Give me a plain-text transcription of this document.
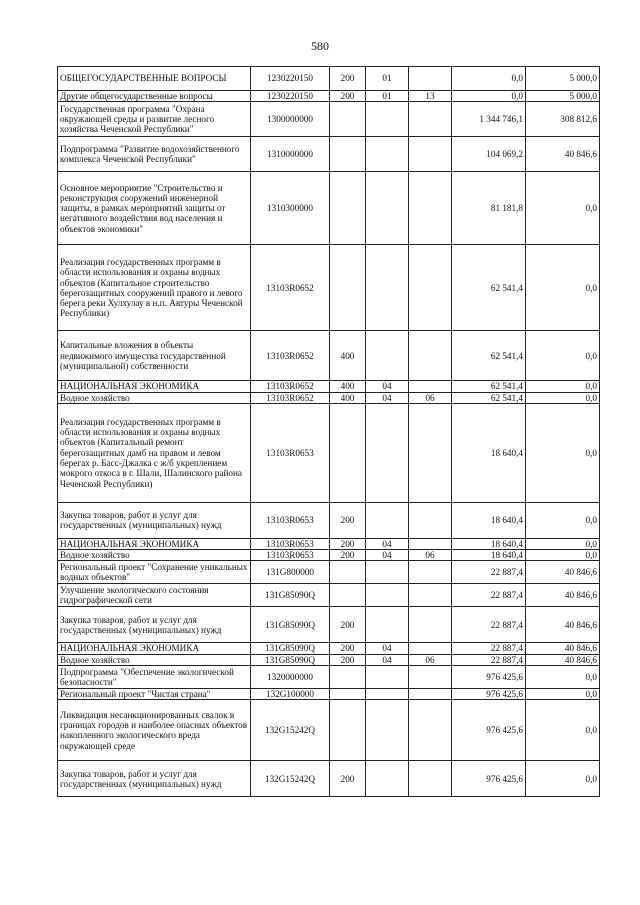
580
ОБЩЕГОСУДАРСТВЕННЫЕ ВОПРОСЫ	1230220150	200	01		0,0	5 000,0
Другие общегосударственные вопросы	1230220150	200	01	13	0,0	5 000,0
Государственная программа "Охрана окружающей среды и развитие лесного хозяйства Чеченской Республики"	1300000000				1 344 746,1	308 812,6
Подпрограмма "Развитие водохозяйственного комплекса Чеченской Республики"	1310000000				104 069,2	40 846,6
Основное мероприятие "Строительство и реконструкция сооружений инженерной защиты, в рамках мероприятий защиты от негативного воздействия вод населения и объектов экономики"	1310300000				81 181,8	0,0
Реализация государственных программ в области использования и охраны водных объектов (Капитальное строительство берегозащитных сооружений правого и левого берега реки Хулхулау в н.п. Автуры Чеченской Республики)	13103R0652				62 541,4	0,0
Капитальные вложения в объекты недвижимого имущества государственной (муниципальной) собственности	13103R0652	400			62 541,4	0,0
НАЦИОНАЛЬНАЯ ЭКОНОМИКА	13103R0652	400	04		62 541,4	0,0
Водное хозяйство	13103R0652	400	04	06	62 541,4	0,0
Реализация государственных программ в области использования и охраны водных объектов (Капитальный ремонт берегозащитных дамб на правом и левом берегах р. Басс-Джалка с ж/б укреплением мокрого откоса в г. Шали, Шалинского района Чеченской Республики)	13103R0653				18 640,4	0,0
Закупка товаров, работ и услуг для государственных (муниципальных) нужд	13103R0653	200			18 640,4	0,0
НАЦИОНАЛЬНАЯ ЭКОНОМИКА	13103R0653	200	04		18 640,4	0,0
Водное хозяйство	13103R0653	200	04	06	18 640,4	0,0
Региональный проект "Сохранение уникальных водных объектов"	131G800000				22 887,4	40 846,6
Улучшение экологического состояния гидрографической сети	131G85090Q				22 887,4	40 846,6
Закупка товаров, работ и услуг для государственных (муниципальных) нужд	131G85090Q	200			22 887,4	40 846,6
НАЦИОНАЛЬНАЯ ЭКОНОМИКА	131G85090Q	200	04		22 887,4	40 846,6
Водное хозяйство	131G85090Q	200	04	06	22 887,4	40 846,6
Подпрограмма "Обеспечение экологической безопасности"	1320000000				976 425,6	0,0
Региональный проект "Чистая страна"	132G100000				976 425,6	0,0
Ликвидация несанкционированных свалок в границах городов и наиболее опасных объектов накопленного экологического вреда окружающей среде	132G15242Q				976 425,6	0,0
Закупка товаров, работ и услуг для государственных (муниципальных) нужд	132G15242Q	200			976 425,6	0,0
